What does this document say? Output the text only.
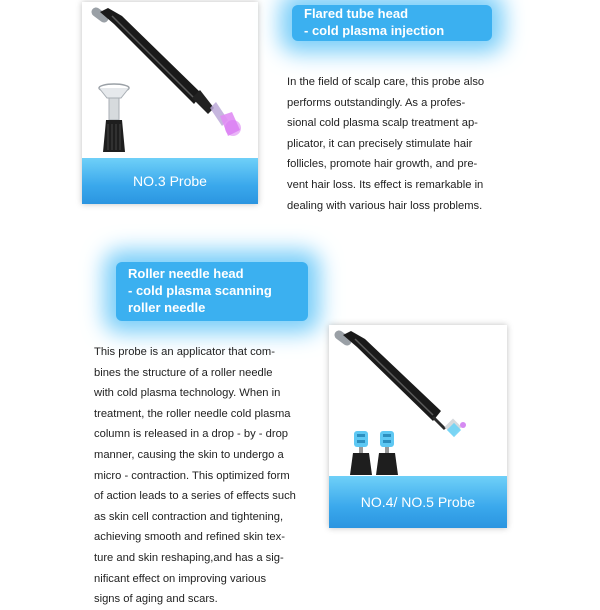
NO.3 Probe
Flared tube head
- cold plasma injection

In the field of scalp care, this probe also
performs outstandingly. As a profes-
sional cold plasma scalp treatment ap-
plicator, it can precisely stimulate hair
follicles, promote hair growth, and pre-
vent hair loss. Its effect is remarkable in
dealing with various hair loss problems.

Roller needle head
- cold plasma scanning
roller needle

This probe is an applicator that com-
bines the structure of a roller needle
with cold plasma technology. When in
treatment, the roller needle cold plasma
column is released in a drop - by - drop
manner, causing the skin to undergo a
micro - contraction. This optimized form
of action leads to a series of effects such
as skin cell contraction and tightening,
achieving smooth and refined skin tex-
ture and skin reshaping,and has a sig-
nificant effect on improving various
signs of aging and scars.

NO.4/ NO.5 Probe
